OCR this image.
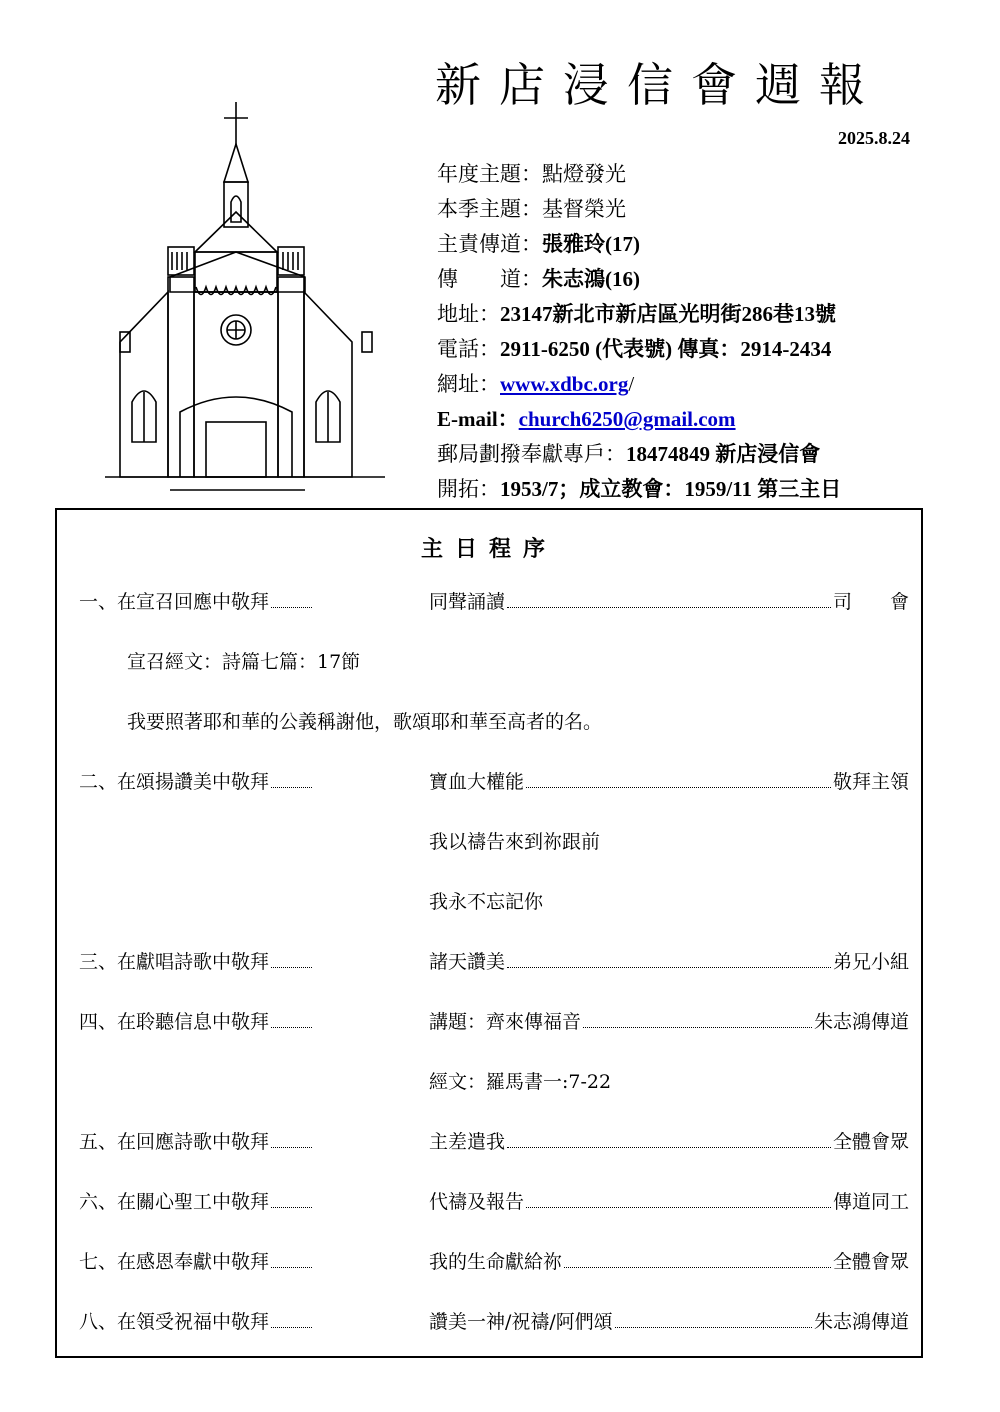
新店浸信會週報
2025.8.24
年度主題：點燈發光
本季主題：基督榮光
主責傳道：張雅玲(17)
傳　　道：朱志鴻(16)
地址：23147新北市新店區光明街286巷13號
電話：2911-6250 (代表號) 傳真：2914-2434
網址：www.xdbc.org/
E-mail：church6250@gmail.com
郵局劃撥奉獻專戶：18474849 新店浸信會
開拓：1953/7；成立教會：1959/11 第三主日
主日程序
一、在宣召回應中敬拜	同聲誦讀	司　　會
宣召經文：詩篇七篇：17節
我要照著耶和華的公義稱謝他，歌頌耶和華至高者的名。
二、在頌揚讚美中敬拜	寶血大權能	敬拜主領
我以禱告來到祢跟前
我永不忘記你
三、在獻唱詩歌中敬拜	諸天讚美	弟兄小組
四、在聆聽信息中敬拜	講題：齊來傳福音	朱志鴻傳道
經文：羅馬書一:7-22
五、在回應詩歌中敬拜	主差遣我	全體會眾
六、在關心聖工中敬拜	代禱及報告	傳道同工
七、在感恩奉獻中敬拜	我的生命獻給祢	全體會眾
八、在領受祝福中敬拜	讚美一神/祝禱/阿們頌	朱志鴻傳道
